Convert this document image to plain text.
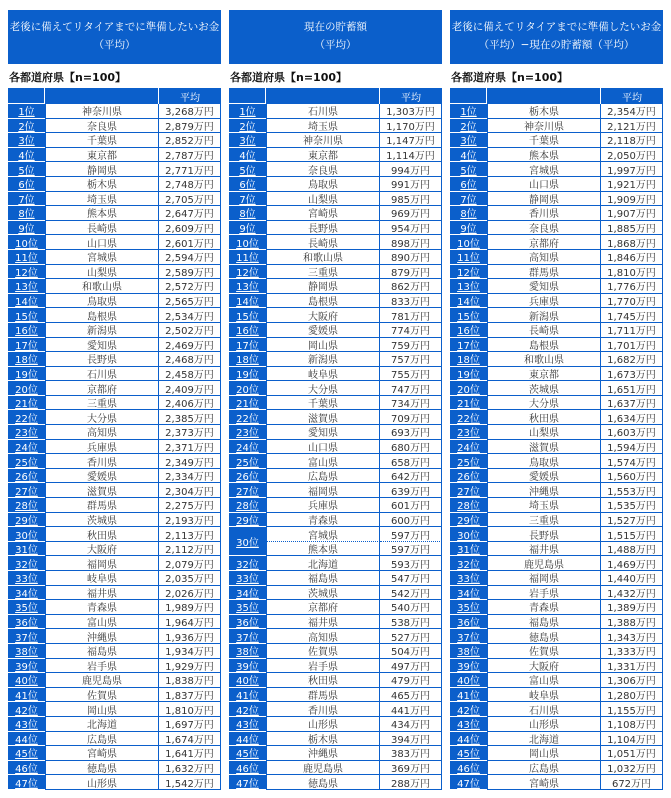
老後に備えてリタイアまでに準備したいお金
（平均）
各都道府県【n=100】
平均
1位	神奈川県	3,268万円
2位	奈良県	2,879万円
3位	千葉県	2,852万円
4位	東京都	2,787万円
5位	静岡県	2,771万円
6位	栃木県	2,748万円
7位	埼玉県	2,705万円
8位	熊本県	2,647万円
9位	長崎県	2,609万円
10位	山口県	2,601万円
11位	宮城県	2,594万円
12位	山梨県	2,589万円
13位	和歌山県	2,572万円
14位	鳥取県	2,565万円
15位	島根県	2,534万円
16位	新潟県	2,502万円
17位	愛知県	2,469万円
18位	長野県	2,468万円
19位	石川県	2,458万円
20位	京都府	2,409万円
21位	三重県	2,406万円
22位	大分県	2,385万円
23位	高知県	2,373万円
24位	兵庫県	2,371万円
25位	香川県	2,349万円
26位	愛媛県	2,334万円
27位	滋賀県	2,304万円
28位	群馬県	2,275万円
29位	茨城県	2,193万円
30位	秋田県	2,113万円
31位	大阪府	2,112万円
32位	福岡県	2,079万円
33位	岐阜県	2,035万円
34位	福井県	2,026万円
35位	青森県	1,989万円
36位	富山県	1,964万円
37位	沖縄県	1,936万円
38位	福島県	1,934万円
39位	岩手県	1,929万円
40位	鹿児島県	1,838万円
41位	佐賀県	1,837万円
42位	岡山県	1,810万円
43位	北海道	1,697万円
44位	広島県	1,674万円
45位	宮崎県	1,641万円
46位	徳島県	1,632万円
47位	山形県	1,542万円
現在の貯蓄額
（平均）
各都道府県【n=100】
平均
1位	石川県	1,303万円
2位	埼玉県	1,170万円
3位	神奈川県	1,147万円
4位	東京都	1,114万円
5位	奈良県	994万円
6位	鳥取県	991万円
7位	山梨県	985万円
8位	宮崎県	969万円
9位	長野県	954万円
10位	長崎県	898万円
11位	和歌山県	890万円
12位	三重県	879万円
13位	静岡県	862万円
14位	島根県	833万円
15位	大阪府	781万円
16位	愛媛県	774万円
17位	岡山県	759万円
18位	新潟県	757万円
19位	岐阜県	755万円
20位	大分県	747万円
21位	千葉県	734万円
22位	滋賀県	709万円
23位	愛知県	693万円
24位	山口県	680万円
25位	富山県	658万円
26位	広島県	642万円
27位	福岡県	639万円
28位	兵庫県	601万円
29位	青森県	600万円
30位
宮城県	597万円
熊本県	597万円
32位	北海道	593万円
33位	福島県	547万円
34位	茨城県	542万円
35位	京都府	540万円
36位	福井県	538万円
37位	高知県	527万円
38位	佐賀県	504万円
39位	岩手県	497万円
40位	秋田県	479万円
41位	群馬県	465万円
42位	香川県	441万円
43位	山形県	434万円
44位	栃木県	394万円
45位	沖縄県	383万円
46位	鹿児島県	369万円
47位	徳島県	288万円
老後に備えてリタイアまでに準備したいお金
（平均）−現在の貯蓄額（平均）
各都道府県【n=100】
平均
1位	栃木県	2,354万円
2位	神奈川県	2,121万円
3位	千葉県	2,118万円
4位	熊本県	2,050万円
5位	宮城県	1,997万円
6位	山口県	1,921万円
7位	静岡県	1,909万円
8位	香川県	1,907万円
9位	奈良県	1,885万円
10位	京都府	1,868万円
11位	高知県	1,846万円
12位	群馬県	1,810万円
13位	愛知県	1,776万円
14位	兵庫県	1,770万円
15位	新潟県	1,745万円
16位	長崎県	1,711万円
17位	島根県	1,701万円
18位	和歌山県	1,682万円
19位	東京都	1,673万円
20位	茨城県	1,651万円
21位	大分県	1,637万円
22位	秋田県	1,634万円
23位	山梨県	1,603万円
24位	滋賀県	1,594万円
25位	鳥取県	1,574万円
26位	愛媛県	1,560万円
27位	沖縄県	1,553万円
28位	埼玉県	1,535万円
29位	三重県	1,527万円
30位	長野県	1,515万円
31位	福井県	1,488万円
32位	鹿児島県	1,469万円
33位	福岡県	1,440万円
34位	岩手県	1,432万円
35位	青森県	1,389万円
36位	福島県	1,388万円
37位	徳島県	1,343万円
38位	佐賀県	1,333万円
39位	大阪府	1,331万円
40位	富山県	1,306万円
41位	岐阜県	1,280万円
42位	石川県	1,155万円
43位	山形県	1,108万円
44位	北海道	1,104万円
45位	岡山県	1,051万円
46位	広島県	1,032万円
47位	宮崎県	672万円
